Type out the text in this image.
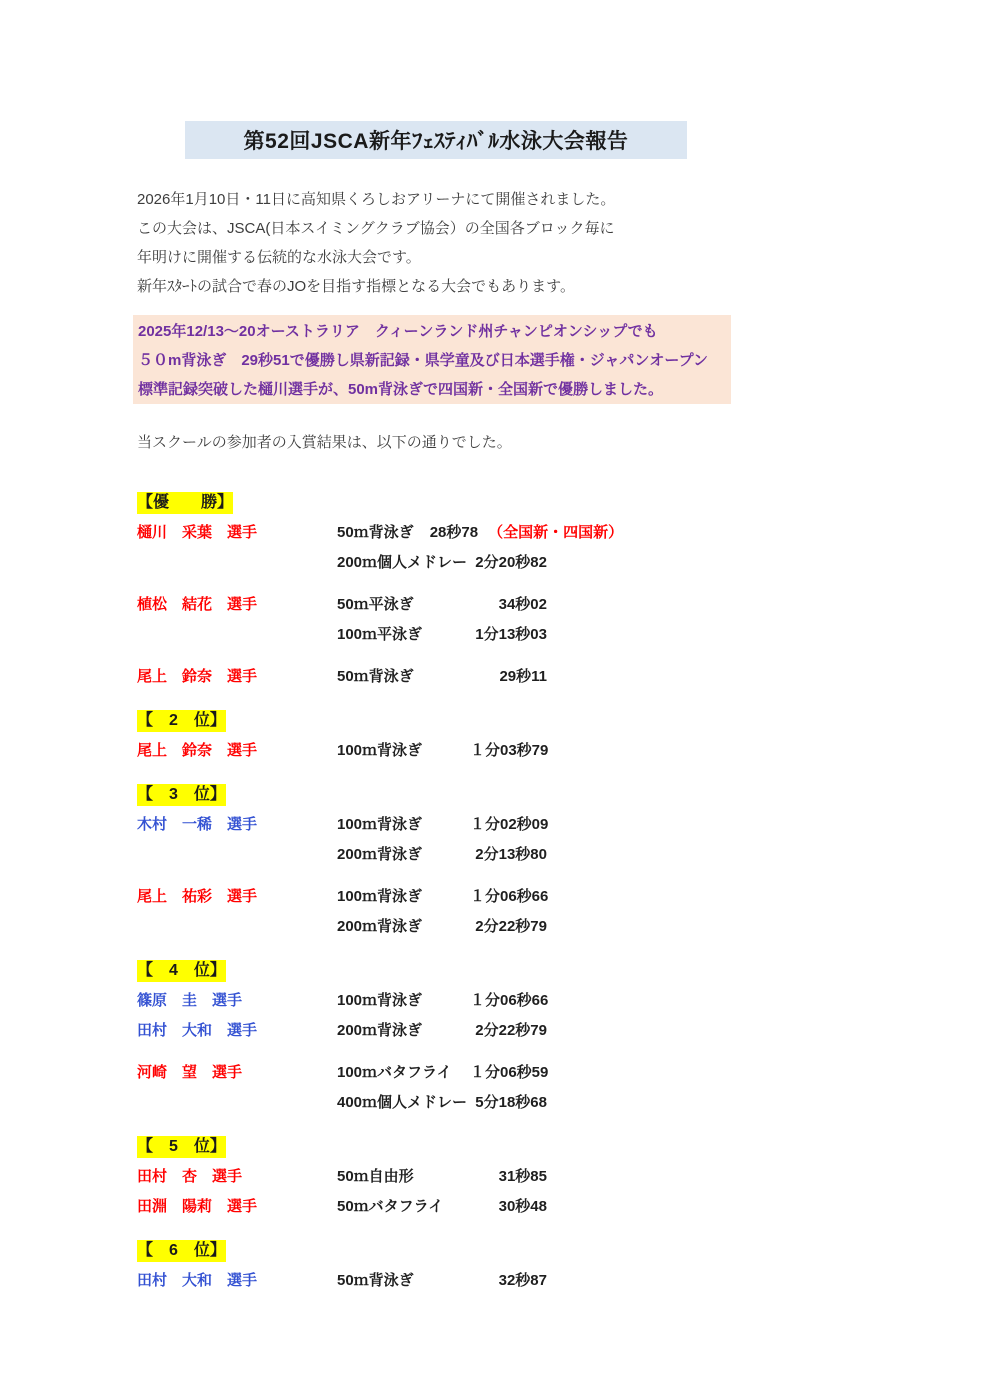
第52回JSCA新年ﾌｪｽﾃｨﾊﾞﾙ水泳大会報告
2026年1月10日・11日に高知県くろしおアリーナにて開催されました。
この大会は、JSCA(日本スイミングクラブ協会）の全国各ブロック毎に
年明けに開催する伝統的な水泳大会です。
新年ｽﾀｰﾄの試合で春のJOを目指す指標となる大会でもあります。
2025年12/13～20オーストラリア　クィーンランド州チャンピオンシップでも
５０m背泳ぎ　29秒51で優勝し県新記録・県学童及び日本選手権・ジャパンオープン
標準記録突破した樋川選手が、50m背泳ぎで四国新・全国新で優勝しました。
当スクールの参加者の入賞結果は、以下の通りでした。
【優　　勝】
樋川　采葉　選手	50ｍ背泳ぎ 28秒78 （全国新・四国新）
200ｍ個人メドレー 2分20秒82
植松　結花　選手	50ｍ平泳ぎ	34秒02
100ｍ平泳ぎ	1分13秒03
尾上　鈴奈　選手	50ｍ背泳ぎ	29秒11
【　2　位】
尾上　鈴奈　選手	100ｍ背泳ぎ	１分03秒79
【　3　位】
木村　一稀　選手	100ｍ背泳ぎ	１分02秒09
200ｍ背泳ぎ	2分13秒80
尾上　祐彩　選手	100ｍ背泳ぎ	１分06秒66
200ｍ背泳ぎ	2分22秒79
【　4　位】
篠原　圭　選手	100ｍ背泳ぎ	１分06秒66
田村　大和　選手	200ｍ背泳ぎ	2分22秒79
河崎　望　選手	100ｍバタフライ	１分06秒59
400ｍ個人メドレー 5分18秒68
【　5　位】
田村　杏　選手	50ｍ自由形	31秒85
田淵　陽莉　選手	50ｍバタフライ	30秒48
【　6　位】
田村　大和　選手	50ｍ背泳ぎ	32秒87
